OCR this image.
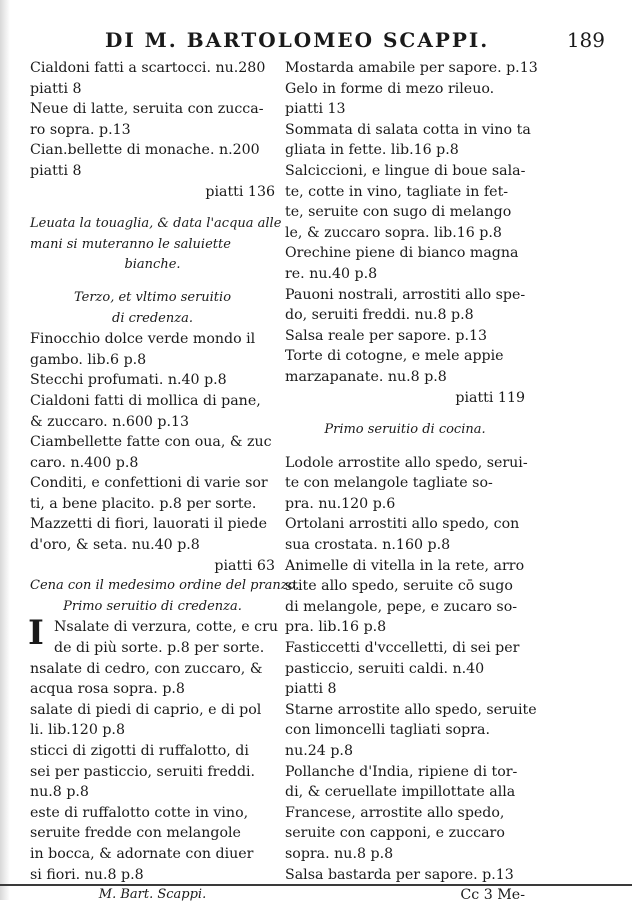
DI M. BARTOLOMEO SCAPPI.	189
Cialdoni fatti a scartocci. nu.280
piatti 8
Neue di latte, seruita con zucca-
ro sopra. p.13
Cian.bellette di monache. n.200
piatti 8
piatti 136
Leuata la touaglia, & data l'acqua alle
mani si muteranno le saluiette
bianche.
Terzo, et vltimo seruitio
di credenza.
Finocchio dolce verde mondo il
gambo. lib.6 p.8
Stecchi profumati. n.40 p.8
Cialdoni fatti di mollica di pane,
& zuccaro. n.600 p.13
Ciambellette fatte con oua, & zuc
caro. n.400 p.8
Conditi, e confettioni di varie sor
ti, a bene placito. p.8 per sorte.
Mazzetti di fiori, lauorati il piede
d'oro, & seta. nu.40 p.8
piatti 63
Cena con il medesimo ordine del pranzo.
Primo seruitio di credenza.
Nsalate di verzura, cotte, e cru
de di più sorte. p.8 per sorte.
nsalate di cedro, con zuccaro, &
acqua rosa sopra. p.8
salate di piedi di caprio, e di pol
li. lib.120 p.8
sticci di zigotti di ruffalotto, di
sei per pasticcio, seruiti freddi.
nu.8 p.8
este di ruffalotto cotte in vino,
seruite fredde con melangole
in bocca, & adornate con diuer
si fiori. nu.8 p.8
M. Bart. Scappi.
I
Mostarda amabile per sapore. p.13
Gelo in forme di mezo rileuo.
piatti 13
Sommata di salata cotta in vino ta
gliata in fette. lib.16 p.8
Salciccioni, e lingue di boue sala-
te, cotte in vino, tagliate in fet-
te, seruite con sugo di melango
le, & zuccaro sopra. lib.16 p.8
Orechine piene di bianco magna
re. nu.40 p.8
Pauoni nostrali, arrostiti allo spe-
do, seruiti freddi. nu.8 p.8
Salsa reale per sapore. p.13
Torte di cotogne, e mele appie
marzapanate. nu.8 p.8
piatti 119
Primo seruitio di cocina.
Lodole arrostite allo spedo, serui-
te con melangole tagliate so-
pra. nu.120 p.6
Ortolani arrostiti allo spedo, con
sua crostata. n.160 p.8
Animelle di vitella in la rete, arro
stite allo spedo, seruite cō sugo
di melangole, pepe, e zucaro so-
pra. lib.16 p.8
Fasticcetti d'vccelletti, di sei per
pasticcio, seruiti caldi. n.40
piatti 8
Starne arrostite allo spedo, seruite
con limoncelli tagliati sopra.
nu.24 p.8
Pollanche d'India, ripiene di tor-
di, & ceruellate impillottate alla
Francese, arrostite allo spedo,
seruite con capponi, e zuccaro
sopra. nu.8 p.8
Salsa bastarda per sapore. p.13
Cc 3 Me-
